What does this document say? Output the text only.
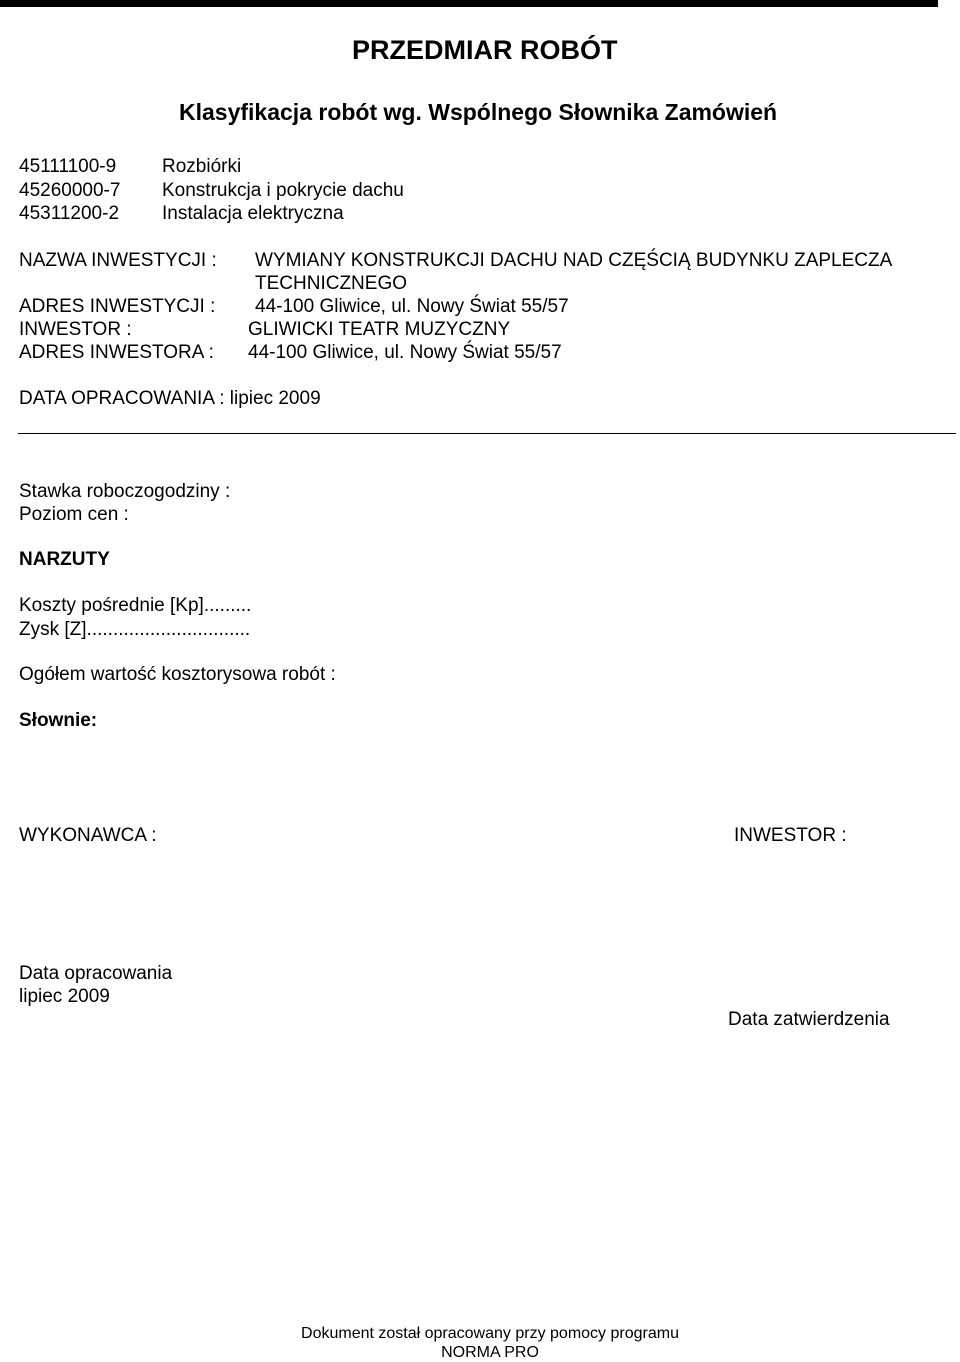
PRZEDMIAR ROBÓT
Klasyfikacja robót wg. Wspólnego Słownika Zamówień
45111100-9 Rozbiórki
45260000-7 Konstrukcja i pokrycie dachu
45311200-2 Instalacja elektryczna
NAZWA INWESTYCJI : WYMIANY KONSTRUKCJI DACHU NAD CZĘŚCIĄ BUDYNKU ZAPLECZA
TECHNICZNEGO
ADRES INWESTYCJI : 44-100 Gliwice, ul. Nowy Świat 55/57
INWESTOR :	GLIWICKI TEATR MUZYCZNY
ADRES INWESTORA : 44-100 Gliwice, ul. Nowy Świat 55/57
DATA OPRACOWANIA : lipiec 2009
Stawka roboczogodziny :
Poziom cen :
NARZUTY
Koszty pośrednie [Kp].........
Zysk [Z]...............................
Ogółem wartość kosztorysowa robót :
Słownie:
WYKONAWCA :	INWESTOR :
Data opracowania
lipiec 2009
Data zatwierdzenia
Dokument został opracowany przy pomocy programu
NORMA PRO
